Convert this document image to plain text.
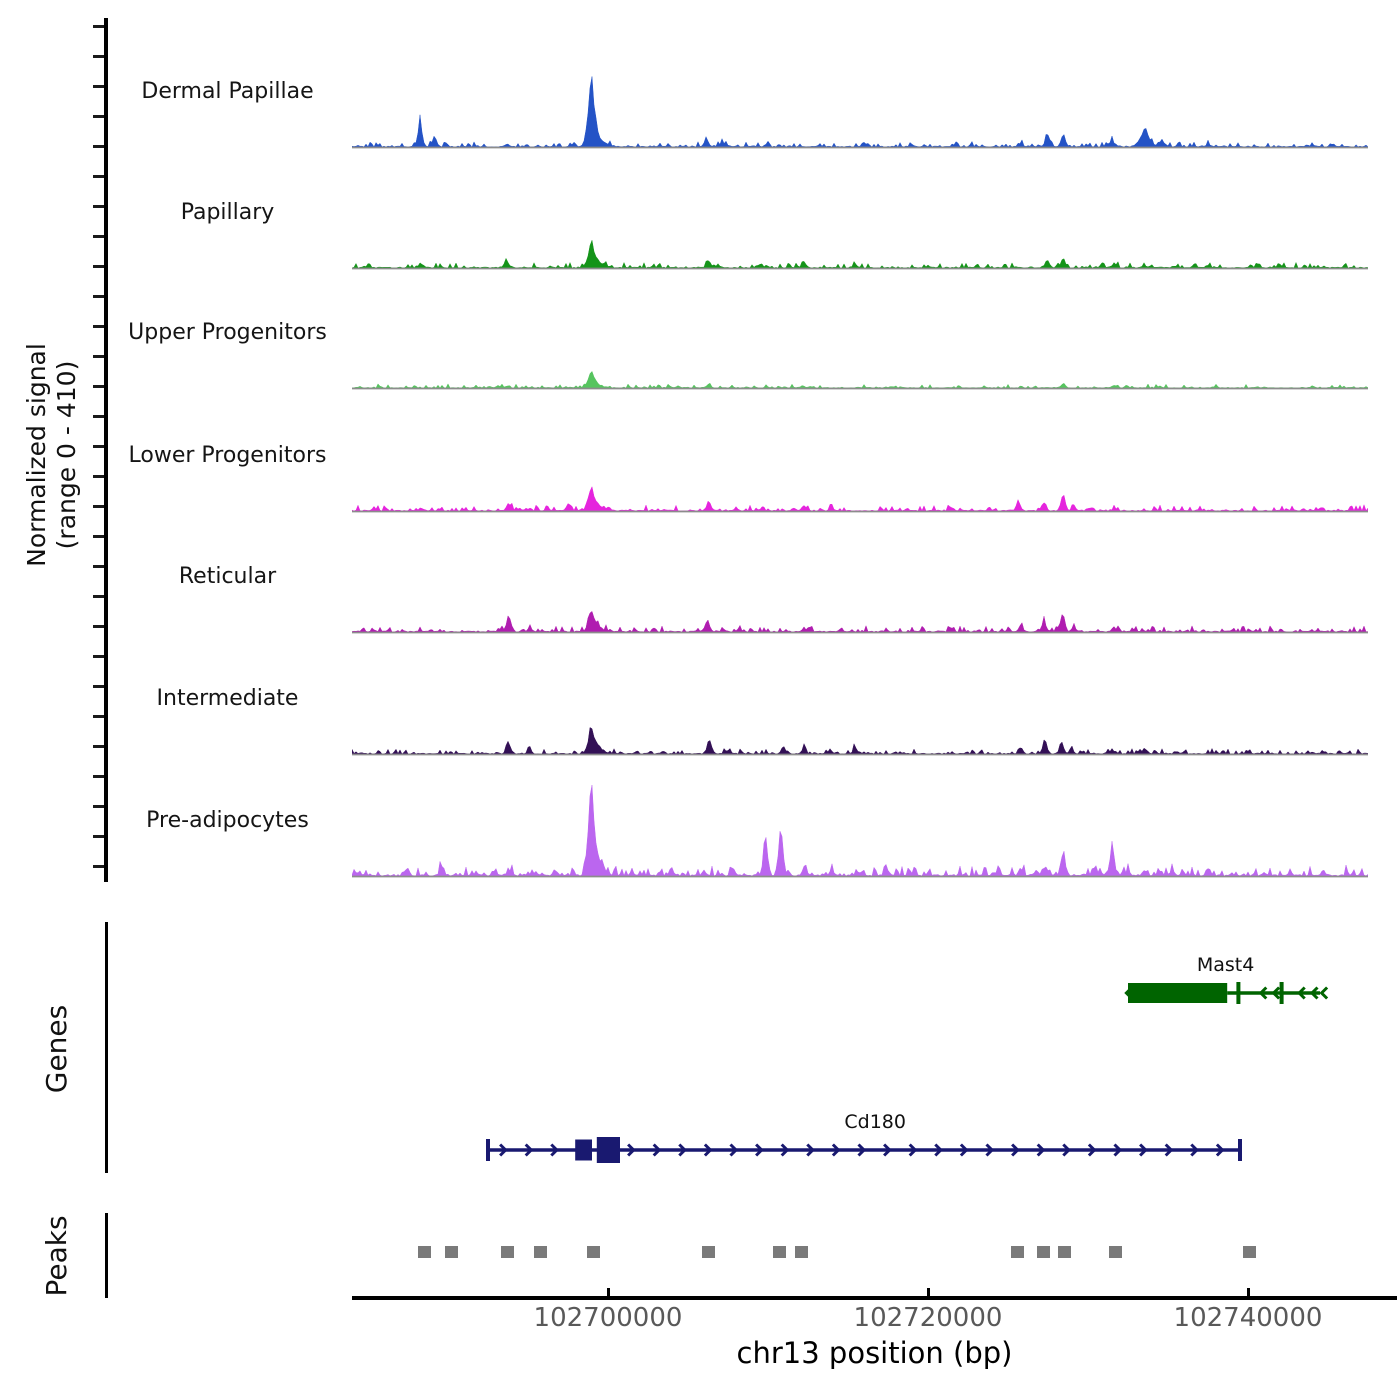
Normalized signal
(range 0 - 410)
Dermal Papillae
Papillary
Upper Progenitors
Lower Progenitors
Reticular
Intermediate
Pre-adipocytes
Genes
Mast4
Cd180
Peaks
102700000	102720000	102740000
chr13 position (bp)
